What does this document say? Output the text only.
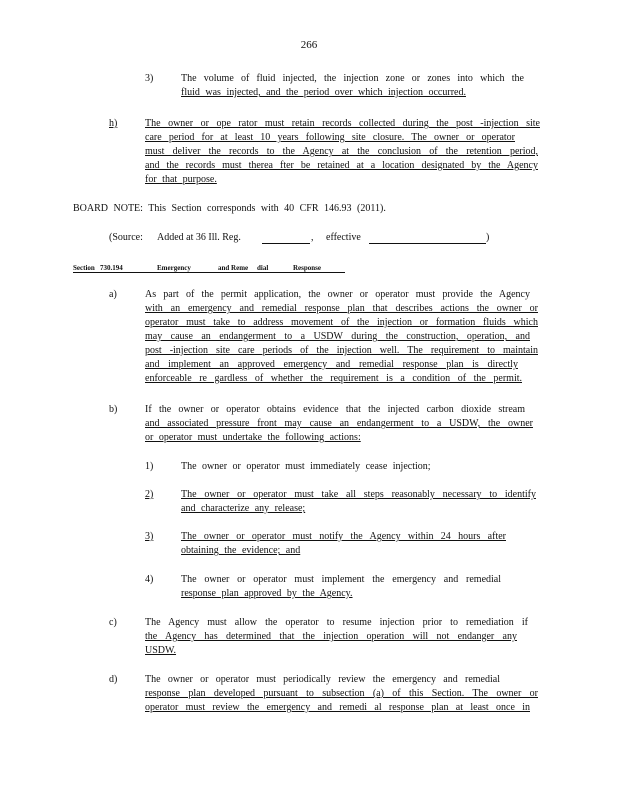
266
3)	The volume of fluid injected, the injection zone or zones into which the
fluid was injected, and the period over which injection occurred.
h)	The owner or ope rator must retain records collected during the post -injection site
care period for at least 10 years following site closure. The owner or operator
must deliver the records to the Agency at the conclusion of the retention period,
and the records must therea fter be retained at a location designated by the Agency
for that purpose.
BOARD NOTE: This Section corresponds with 40 CFR 146.93 (2011).
(Source: Added at 36 Ill. Reg.	, effective	)
Section 730.194	Emergency	and Reme dial	Response
a)	As part of the permit application, the owner or operator must provide the Agency
with an emergency and remedial response plan that describes actions the owner or
operator must take to address movement of the injection or formation fluids which
may cause an endangerment to a USDW during the construction, operation, and
post -injection site care periods of the injection well. The requirement to maintain
and implement an approved emergency and remedial response plan is directly
enforceable re gardless of whether the requirement is a condition of the permit.
b)	If the owner or operator obtains evidence that the injected carbon dioxide stream
and associated pressure front may cause an endangerment to a USDW, the owner
or operator must undertake the following actions:
1)	The owner or operator must immediately cease injection;
2)	The owner or operator must take all steps reasonably necessary to identify
and characterize any release;
3)	The owner or operator must notify the Agency within 24 hours after
obtaining the evidence; and
4)	The owner or operator must implement the emergency and remedial
response plan approved by the Agency.
c)	The Agency must allow the operator to resume injection prior to remediation if
the Agency has determined that the injection operation will not endanger any
USDW.
d)	The owner or operator must periodically review the emergency and remedial
response plan developed pursuant to subsection (a) of this Section. The owner or
operator must review the emergency and remedi al response plan at least once in
